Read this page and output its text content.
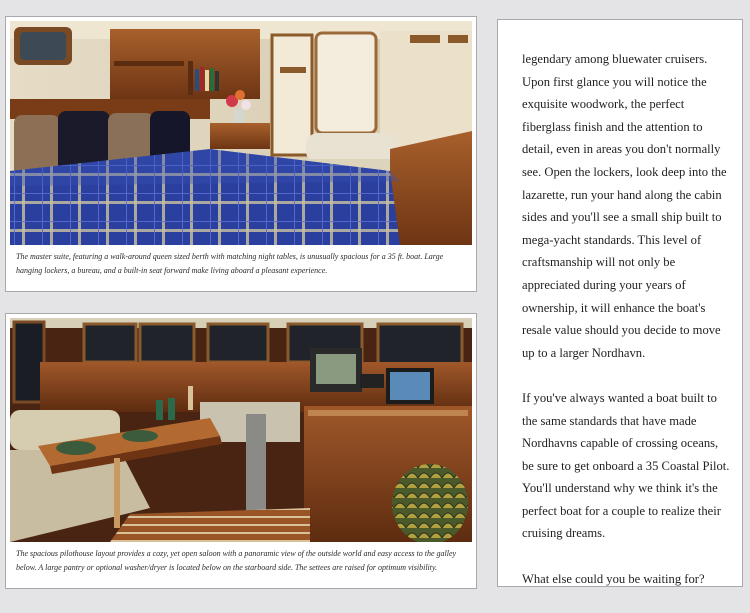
The master suite, featuring a walk-around queen sized berth with matching night tables, is unusually spacious for a 35 ft. boat. Large hanging lockers, a bureau, and a built-in seat forward make living aboard a pleasant experience.

The spacious pilothouse layout provides a cozy, yet open saloon with a panoramic view of the outside world and easy access to the galley below. A large pantry or optional washer/dryer is located below on the starboard side. The settees are raised for optimum visibility.

legendary among bluewater cruisers. Upon first glance you will notice the exquisite woodwork, the perfect fiberglass finish and the attention to detail, even in areas you don't normally see. Open the lockers, look deep into the lazarette, run your hand along the cabin sides and you'll see a small ship built to mega-yacht standards. This level of craftsmanship will not only be appreciated during your years of ownership, it will enhance the boat's resale value should you decide to move up to a larger Nordhavn.

If you've always wanted a boat built to the same standards that have made Nordhavns capable of crossing oceans, be sure to get onboard a 35 Coastal Pilot. You'll understand why we think it's the perfect boat for a couple to realize their cruising dreams.

What else could you be waiting for?
